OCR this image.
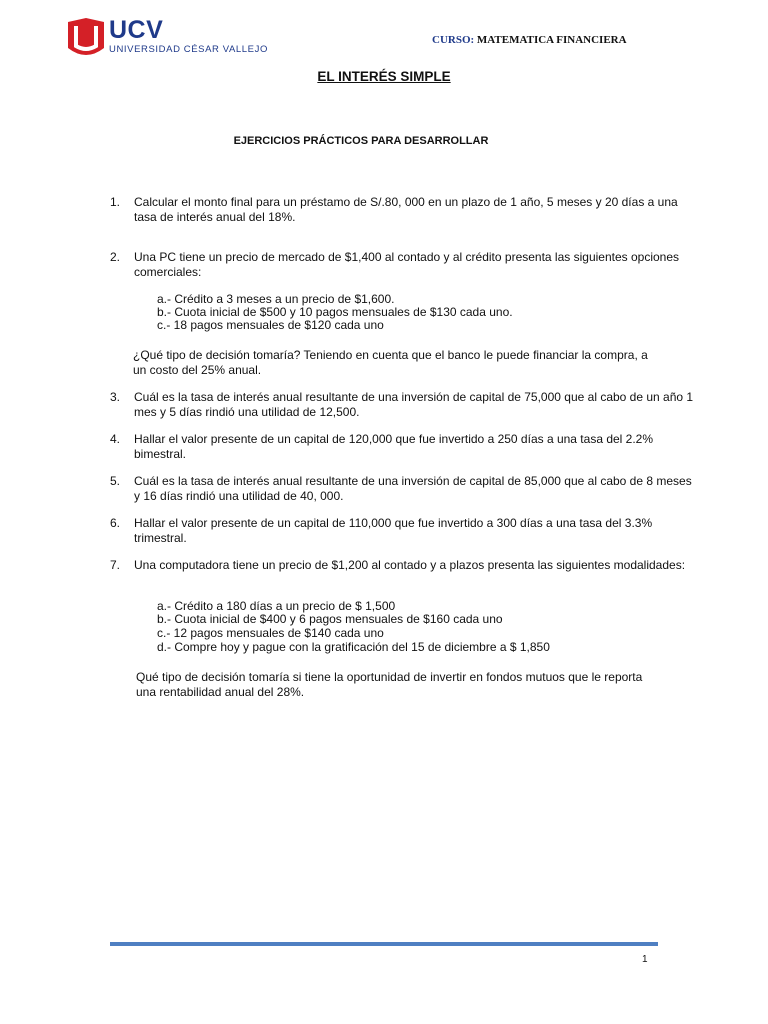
UCV
UNIVERSIDAD CÉSAR VALLEJO
CURSO: MATEMATICA FINANCIERA
EL INTERÉS SIMPLE
EJERCICIOS PRÁCTICOS PARA DESARROLLAR
1. Calcular el monto final para un préstamo de S/.80, 000 en un plazo de 1 año, 5 meses y 20 días a una tasa de interés anual del 18%.
2. Una PC tiene un precio de mercado de $1,400 al contado y al crédito presenta las siguientes opciones comerciales:
a.- Crédito a 3 meses a un precio de $1,600.
b.- Cuota inicial de $500 y 10 pagos mensuales de $130 cada uno.
c.- 18 pagos mensuales de $120 cada uno
¿Qué tipo de decisión tomaría? Teniendo en cuenta que el banco le puede financiar la compra, a un costo del 25% anual.
3. Cuál es la tasa de interés anual resultante de una inversión de capital de 75,000 que al cabo de un año 1 mes y 5 días rindió una utilidad de 12,500.
4. Hallar el valor presente de un capital de 120,000 que fue invertido a 250 días a una tasa del 2.2% bimestral.
5. Cuál es la tasa de interés anual resultante de una inversión de capital de 85,000 que al cabo de 8 meses y 16 días rindió una utilidad de 40, 000.
6. Hallar el valor presente de un capital de 110,000 que fue invertido a 300 días a una tasa del 3.3% trimestral.
7. Una computadora tiene un precio de $1,200 al contado y a plazos presenta las siguientes modalidades:
a.- Crédito a 180 días a un precio de $ 1,500
b.- Cuota inicial de $400 y 6 pagos mensuales de $160 cada uno
c.- 12 pagos mensuales de $140 cada uno
d.- Compre hoy y pague con la gratificación del 15 de diciembre a $ 1,850
Qué tipo de decisión tomaría si tiene la oportunidad de invertir en fondos mutuos que le reporta una rentabilidad anual del 28%.
1
